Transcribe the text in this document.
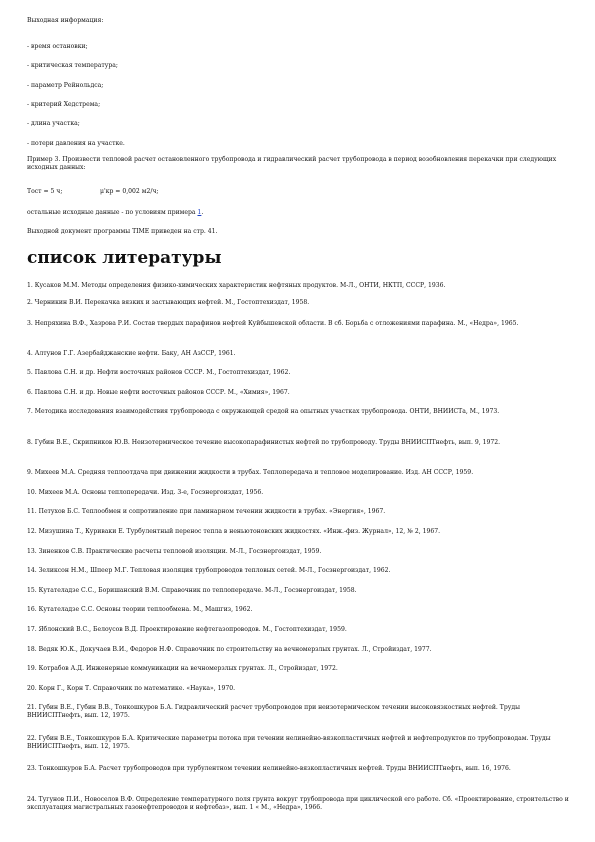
Выходная информация:
- время остановки;
- критическая температура;
- параметр Рейнольдса;
- критерий Хедстрема;
- длина участка;
- потери давления на участке.
Пример 3. Произвести тепловой расчет остановленного трубопровода и гидравлический расчет трубопровода в период возобновления перекачки при следующих исходных данных:
Тост = 5 ч;	μ'кр = 0,002 м2/ч;
остальные исходные данные - по условиям примера 1.
Выходной документ программы TIME приведен на стр. 41.
список литературы
1. Кусаков М.М. Методы определения физико-химических характеристик нефтяных продуктов. М-Л., ОНТИ, НКТП, СССР, 1936.
2. Черникин В.И. Перекачка вязких и застывающих нефтей. М., Гостоптехиздат, 1958.
3. Непряхина В.Ф., Хазрова Р.И. Состав твердых парафинов нефтей Куйбышевской области. В сб. Борьба с отложениями парафина. М., «Недра», 1965.
4. Алтунов Г.Г. Азербайджанские нефти. Баку, АН АзССР, 1961.
5. Павлова С.Н. и др. Нефти восточных районов СССР. М., Гостоптехиздат, 1962.
6. Павлова С.Н. и др. Новые нефти восточных районов СССР. М., «Химия», 1967.
7. Методика исследования взаимодействия трубопровода с окружающей средой на опытных участках трубопровода. ОНТИ, ВНИИСТа, М., 1973.
8. Губин В.Е., Скрипников Ю.В. Неизотермическое течение высокопарафинистых нефтей по трубопроводу. Труды ВНИИСПТнефть, вып. 9, 1972.
9. Михеев М.А. Средняя теплоотдача при движении жидкости в трубах. Теплопередача и тепловое моделирование. Изд. АН СССР, 1959.
10. Михеев М.А. Основы теплопередачи. Изд. 3-е, Госэнергоиздат, 1956.
11. Петухов Б.С. Теплообмен и сопротивление при ламинарном течении жидкости в трубах. «Энергия», 1967.
12. Мизушина Т., Куриваки Е. Турбулентный перенос тепла в неньютоновских жидкостях. «Инж.-физ. Журнал», 12, № 2, 1967.
13. Зиненков С.В. Практические расчеты тепловой изоляции. М-Л., Госэнергоиздат, 1959.
14. Зеликсон Н.М., Шпеер М.Г. Тепловая изоляция трубопроводов тепловых сетей. М-Л., Госэнергоиздат, 1962.
15. Кутателадзе С.С., Боришанский В.М. Справочник по теплопередаче. М-Л., Госэнергоиздат, 1958.
16. Кутателадзе С.С. Основы теории теплообмена. М., Машгиз, 1962.
17. Яблонский В.С., Белоусов В.Д. Проектирование нефтегазопроводов. М., Гостоптехиздат, 1959.
18. Ведяк Ю.К., Докучаев В.И., Федоров Н.Ф. Справочник по строительству на вечномерзлых грунтах. Л., Стройиздат, 1977.
19. Котрабов А.Д. Инженерные коммуникации на вечномерзлых грунтах. Л., Стройиздат, 1972.
20. Корн Г., Корн Т. Справочник по математике. «Наука», 1970.
21. Губин В.Е., Губин В.В., Тонкошкуров Б.А. Гидравлический расчет трубопроводов при неизотермическом течении высоковязкостных нефтей. Труды ВНИИСПТнефть, вып. 12, 1975.
22. Губин В.Е., Тонкошкуров Б.А. Критические параметры потока при течении нелинейно-вязкопластичных нефтей и нефтепродуктов по трубопроводам. Труды ВНИИСПТнефть, вып. 12, 1975.
23. Тонкошкуров Б.А. Расчет трубопроводов при турбулентном течении нелинейно-вязкопластичных нефтей. Труды ВНИИСПТнефть, вып. 16, 1976.
24. Тугунов П.И., Новоселов В.Ф. Определение температурного поля грунта вокруг трубопровода при циклической его работе. Сб. «Проектирование, строительство и эксплуатация магистральных газонефтепроводов и нефтебаз», вып. 1 « М., «Недра», 1966.
